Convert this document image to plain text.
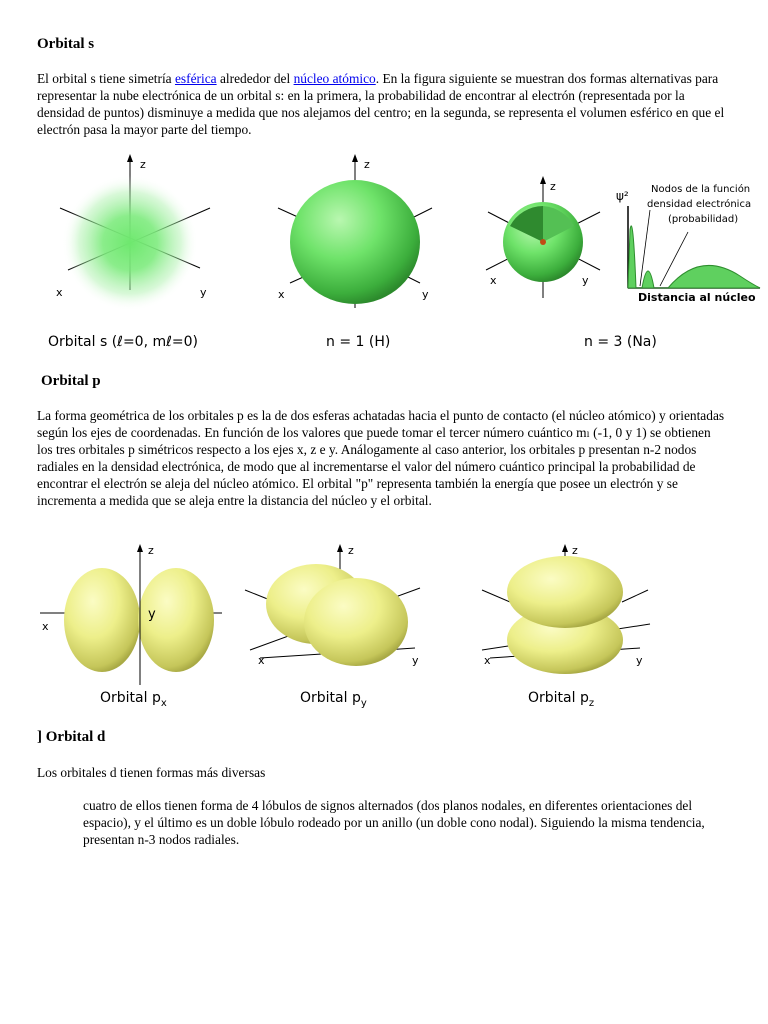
Orbital s

El orbital s tiene simetría esférica alrededor del núcleo atómico. En la figura siguiente se muestran dos formas alternativas para representar la nube electrónica de un orbital s: en la primera, la probabilidad de encontrar al electrón (representada por la densidad de puntos) disminuye a medida que nos alejamos del centro; en la segunda, se representa el volumen esférico en que el electrón pasa la mayor parte del tiempo.

z
x	y
z
x	y
z
x	y
ψ² Nodos de la función
densidad electrónica
(probabilidad)
Distancia al núcleo
Orbital s (ℓ=0, mℓ=0)	n = 1 (H)	n = 3 (Na)
Orbital p

La forma geométrica de los orbitales p es la de dos esferas achatadas hacia el punto de contacto (el núcleo atómico) y orientadas según los ejes de coordenadas. En función de los valores que puede tomar el tercer número cuántico mₗ (-1, 0 y 1) se obtienen los tres orbitales p simétricos respecto a los ejes x, z e y. Análogamente al caso anterior, los orbitales p presentan n-2 nodos radiales en la densidad electrónica, de modo que al incrementarse el valor del número cuántico principal la probabilidad de encontrar el electrón se aleja del núcleo atómico. El orbital "p" representa también la energía que posee un electrón y se incrementa a medida que se aleja entre la distancia del núcleo y el orbital.

z
x
y
z
x	y
z
x	y
Orbital $p_x$	Orbital $p_y$	Orbital $p_z$
] Orbital d

Los orbitales d tienen formas más diversas

cuatro de ellos tienen forma de 4 lóbulos de signos alternados (dos planos nodales, en diferentes orientaciones del espacio), y el último es un doble lóbulo rodeado por un anillo (un doble cono nodal). Siguiendo la misma tendencia, presentan n-3 nodos radiales.
